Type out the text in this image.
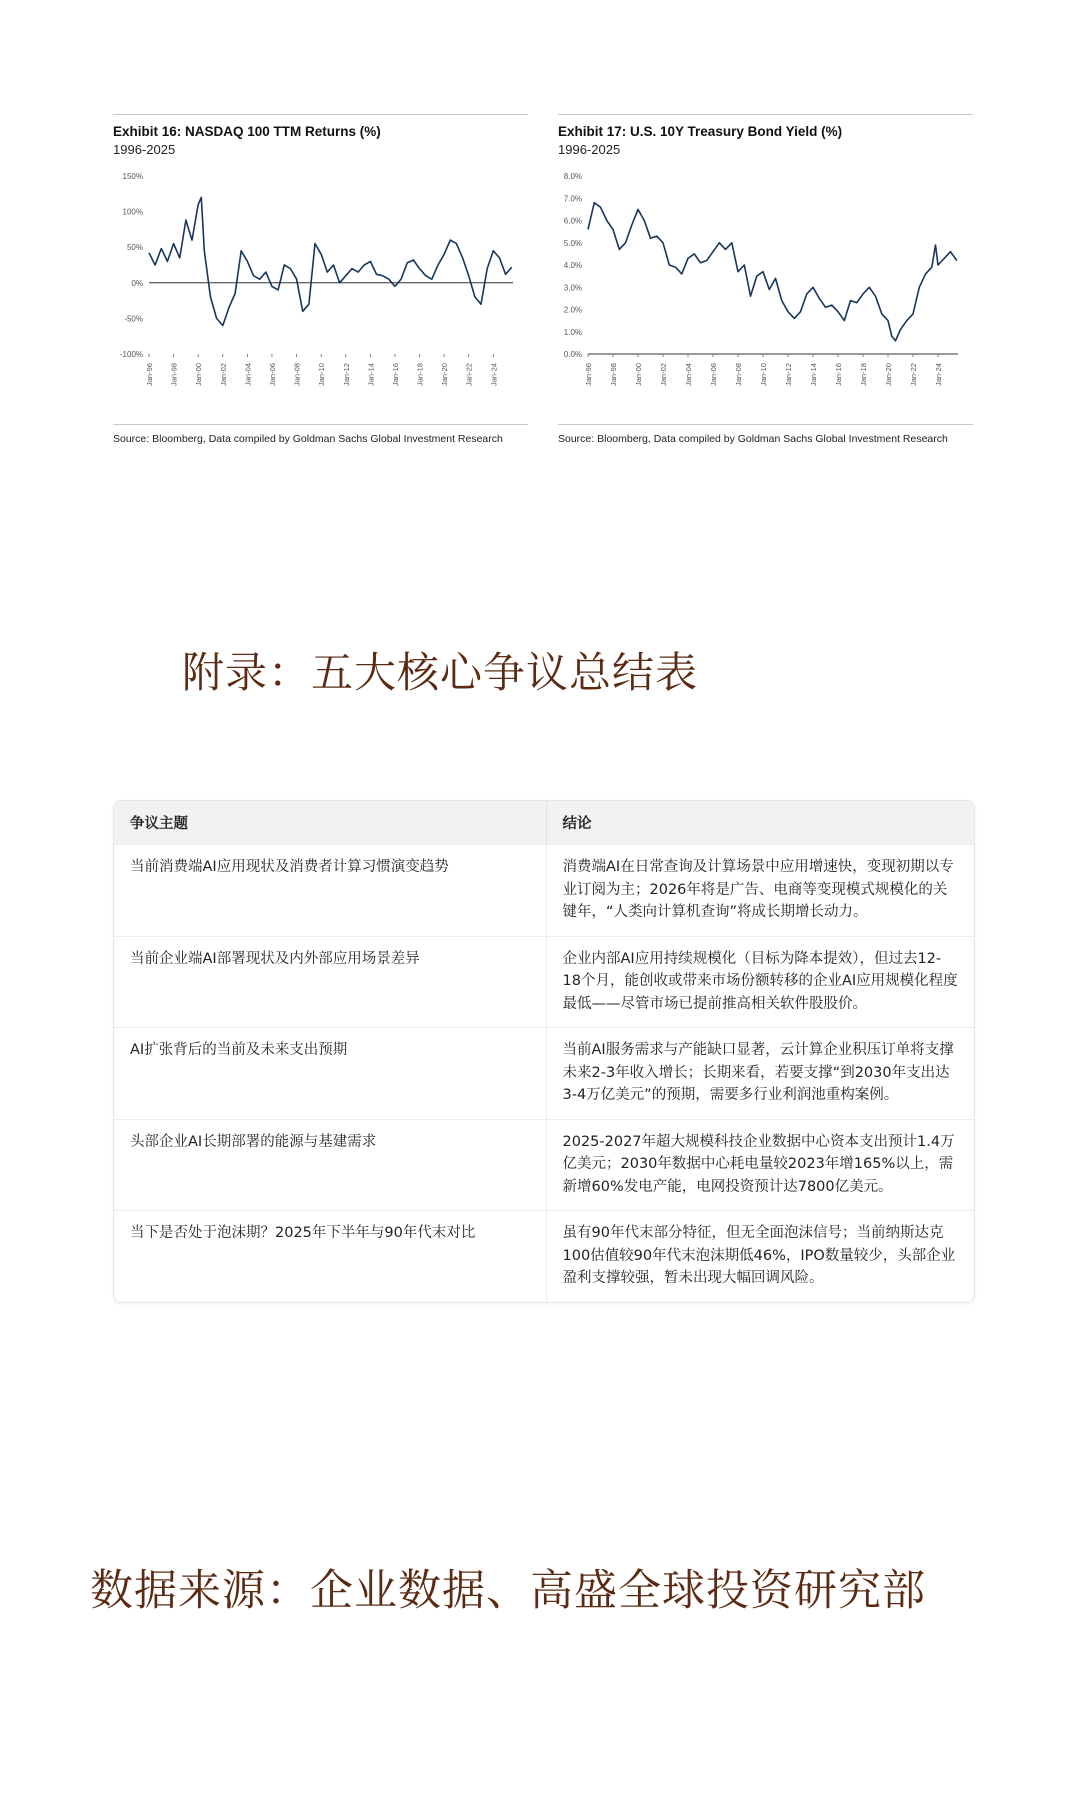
Exhibit 16: NASDAQ 100 TTM Returns (%)
1996-2025
150%
100%
50%
0%
-50%
-100%
Jan-96 Jan-98 Jan-00 Jan-02 Jan-04 Jan-06 Jan-08 Jan-10 Jan-12 Jan-14 Jan-16 Jan-18 Jan-20 Jan-22 Jan-24
Source: Bloomberg, Data compiled by Goldman Sachs Global Investment Research
Exhibit 17: U.S. 10Y Treasury Bond Yield (%)
1996-2025
8.0%
7.0%
6.0%
5.0%
4.0%
3.0%
2.0%
1.0%
0.0%
Jan-96 Jan-98 Jan-00 Jan-02 Jan-04 Jan-06 Jan-08 Jan-10 Jan-12 Jan-14 Jan-16 Jan-18 Jan-20 Jan-22 Jan-24
Source: Bloomberg, Data compiled by Goldman Sachs Global Investment Research
附录：五大核心争议总结表
争议主题	结论
当前消费端AI应用现状及消费者计算习惯演变趋势	消费端AI在日常查询及计算场景中应用增速快，变现初期以专业订阅为主；2026年将是广告、电商等变现模式规模化的关键年，“人类向计算机查询”将成长期增长动力。
当前企业端AI部署现状及内外部应用场景差异	企业内部AI应用持续规模化（目标为降本提效），但过去12-18个月，能创收或带来市场份额转移的企业AI应用规模化程度最低——尽管市场已提前推高相关软件股股价。
AI扩张背后的当前及未来支出预期	当前AI服务需求与产能缺口显著，云计算企业积压订单将支撑未来2-3年收入增长；长期来看，若要支撑“到2030年支出达3-4万亿美元”的预期，需要多行业利润池重构案例。
头部企业AI长期部署的能源与基建需求	2025-2027年超大规模科技企业数据中心资本支出预计1.4万亿美元；2030年数据中心耗电量较2023年增165%以上，需新增60%发电产能，电网投资预计达7800亿美元。
当下是否处于泡沫期？2025年下半年与90年代末对比	虽有90年代末部分特征，但无全面泡沫信号；当前纳斯达克100估值较90年代末泡沫期低46%，IPO数量较少，头部企业盈利支撑较强，暂未出现大幅回调风险。
数据来源：企业数据、高盛全球投资研究部
